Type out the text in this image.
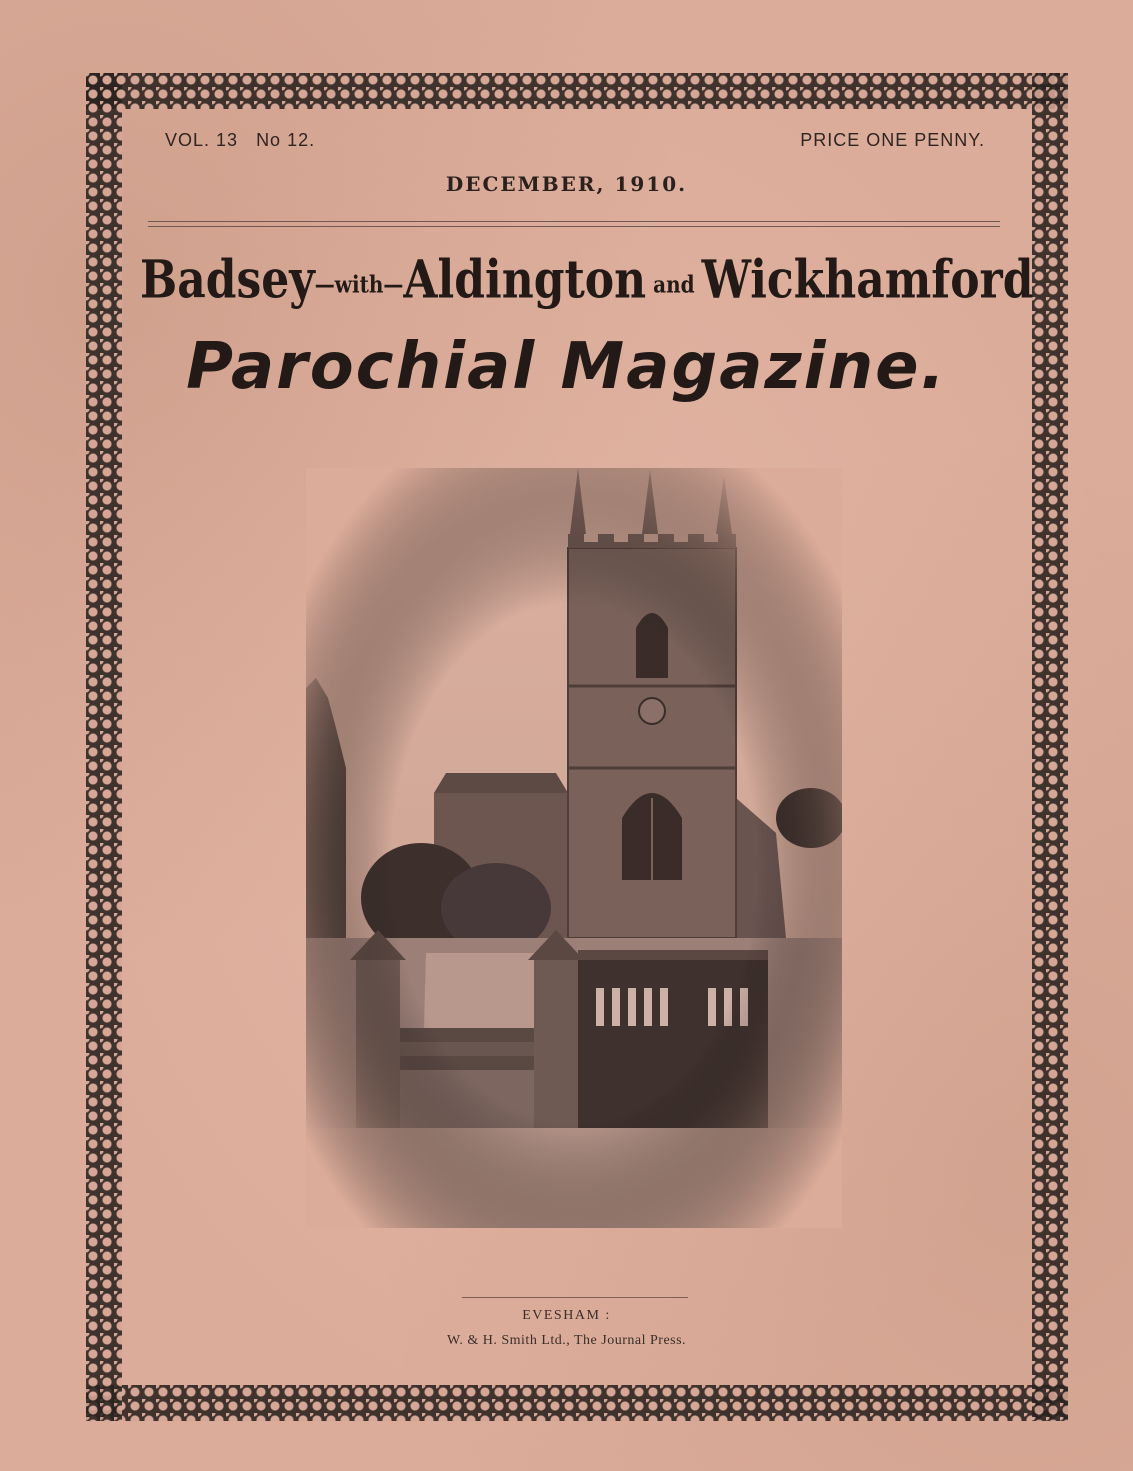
VOL. 13 No 12.	PRICE ONE PENNY.
DECEMBER, 1910.
Badsey—with—Aldington and Wickhamford
Parochial Magazine.
EVESHAM :
W. & H. Smith Ltd., The Journal Press.
